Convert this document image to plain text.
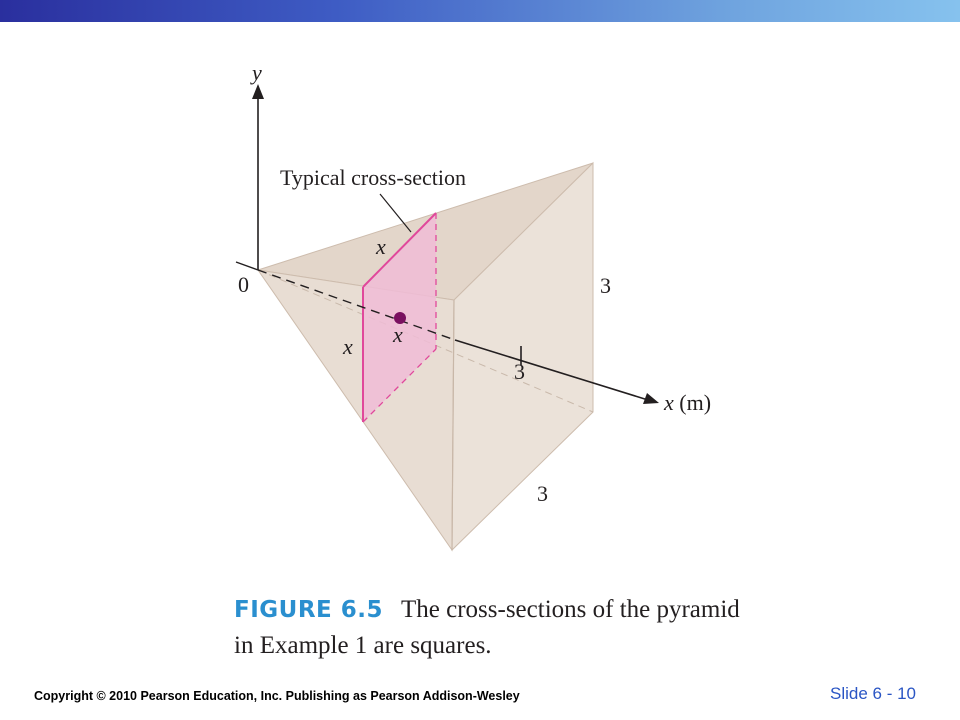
y
0
Typical cross-section
x
x x
3
3
3
x (m)
FIGURE 6.5 The cross-sections of the pyramid in Example 1 are squares.
Copyright © 2010 Pearson Education, Inc. Publishing as Pearson Addison-Wesley	Slide 6 - 10
